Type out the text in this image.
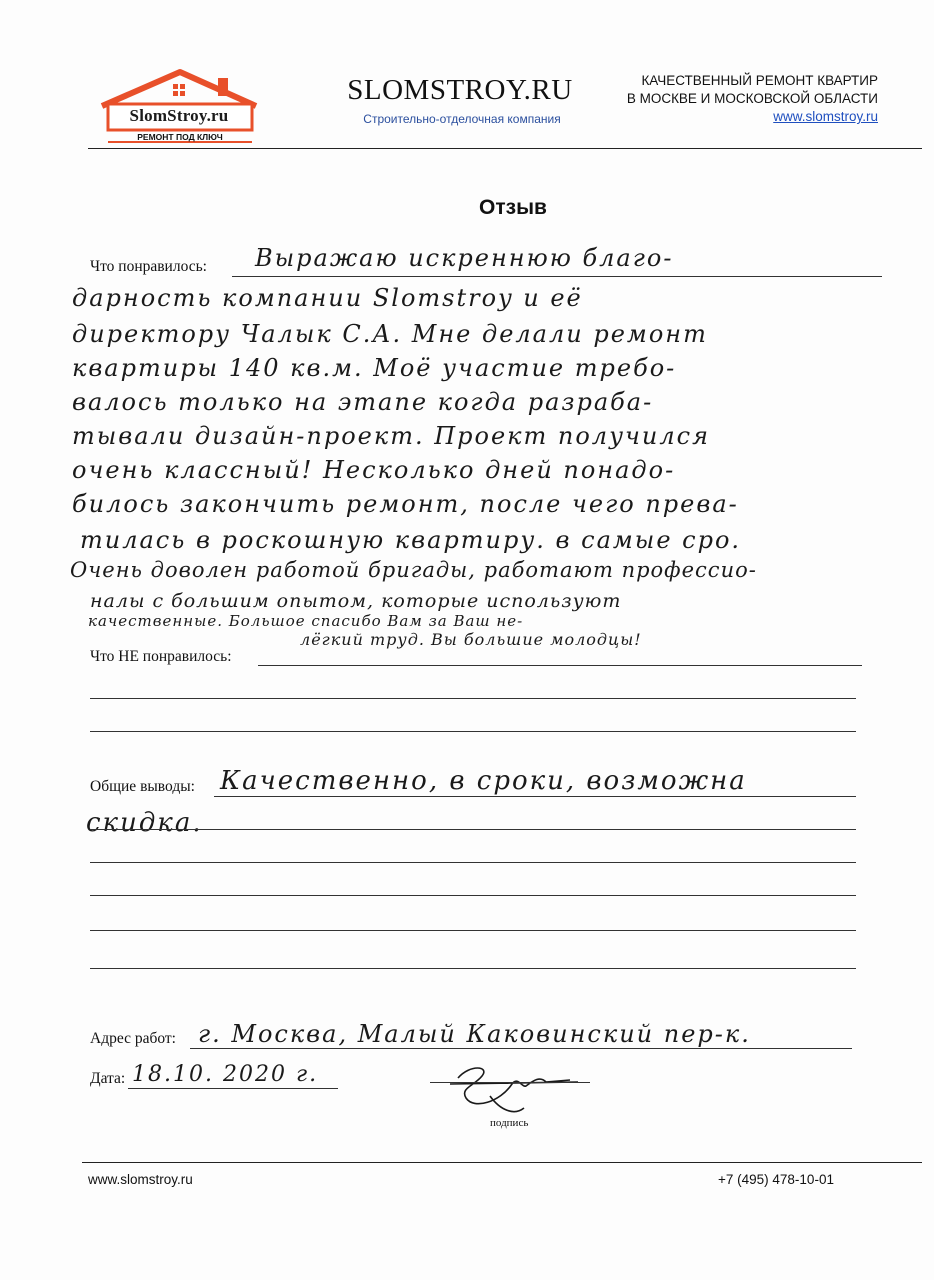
SlomStroy.ru
РЕМОНТ ПОД КЛЮЧ
SLOMSTROY.RU
Строительно-отделочная компания
КАЧЕСТВЕННЫЙ РЕМОНТ КВАРТИР
В МОСКВЕ И МОСКОВСКОЙ ОБЛАСТИ
www.slomstroy.ru
Отзыв
Что понравилось: Выражаю искреннюю благо-
дарность компании Slomstroy и её
директору Чалык С.А. Мне делали ремонт
квартиры 140 кв.м. Моё участие требо-
валось только на этапе когда разраба-
тывали дизайн-проект. Проект получился
очень классный! Несколько дней понадо-
билось закончить ремонт, после чего прева-
тилась в роскошную квартиру. в самые сро.
Очень доволен работой бригады, работают профессио-
налы с большим опытом, которые используют
качественные. Большое спасибо Вам за Ваш не-
лёгкий труд. Вы большие молодцы!
Что НЕ понравилось:
Общие выводы: Качественно, в сроки, возможна
скидка.
Адрес работ: г. Москва, Малый Каковинский пер-к.
Дата: 18.10. 2020 г.
подпись
www.slomstroy.ru	+7 (495) 478-10-01
